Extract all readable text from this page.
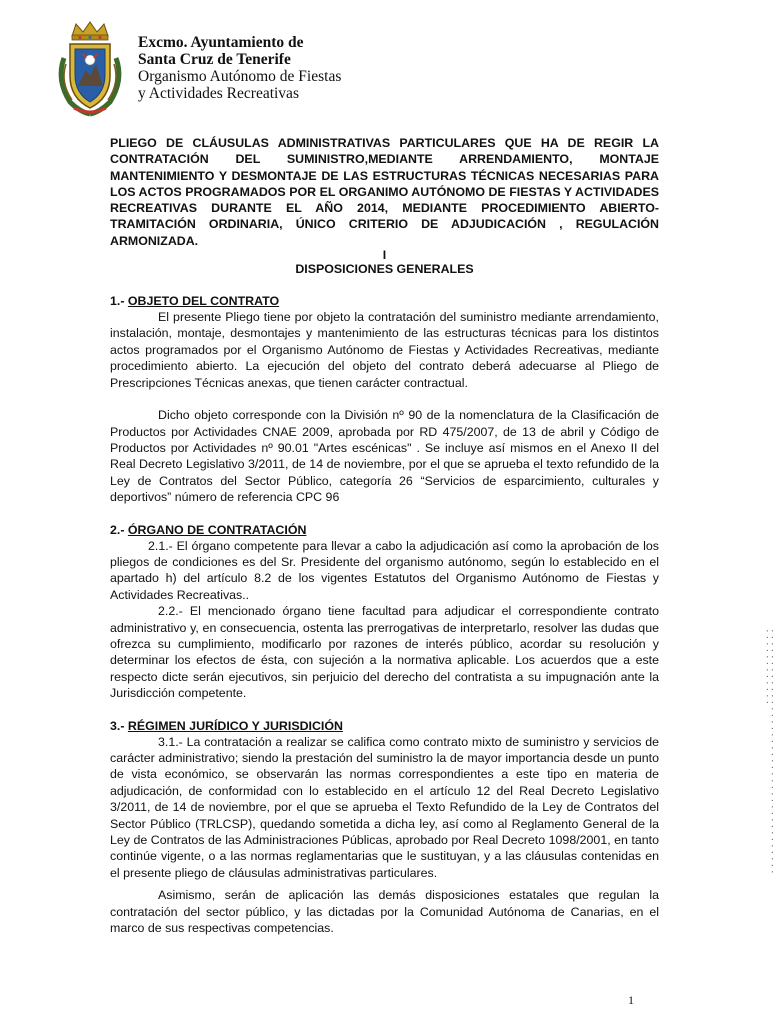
Excmo. Ayuntamiento de
Santa Cruz de Tenerife
Organismo Autónomo de Fiestas
y Actividades Recreativas

PLIEGO DE CLÁUSULAS ADMINISTRATIVAS PARTICULARES QUE HA DE REGIR LA CONTRATACIÓN DEL SUMINISTRO,MEDIANTE ARRENDAMIENTO, MONTAJE MANTENIMIENTO Y DESMONTAJE DE LAS ESTRUCTURAS TÉCNICAS NECESARIAS PARA LOS ACTOS PROGRAMADOS POR EL ORGANIMO AUTÓNOMO DE FIESTAS Y ACTIVIDADES RECREATIVAS DURANTE EL AÑO 2014, MEDIANTE PROCEDIMIENTO ABIERTO-TRAMITACIÓN ORDINARIA, ÚNICO CRITERIO DE ADJUDICACIÓN , REGULACIÓN ARMONIZADA.

I

DISPOSICIONES GENERALES

1.- OBJETO DEL CONTRATO

El presente Pliego tiene por objeto la contratación del suministro mediante arrendamiento, instalación, montaje, desmontajes y mantenimiento de las estructuras técnicas para los distintos actos programados por el Organismo Autónomo de Fiestas y Actividades Recreativas, mediante procedimiento abierto. La ejecución del objeto del contrato deberá adecuarse al Pliego de Prescripciones Técnicas anexas, que tienen carácter contractual.

Dicho objeto corresponde con la División nº 90 de la nomenclatura de la Clasificación de Productos por Actividades CNAE 2009, aprobada por RD 475/2007, de 13 de abril y Código de Productos por Actividades nº 90.01 "Artes escénicas" . Se incluye así mismos en el Anexo II del Real Decreto Legislativo 3/2011, de 14 de noviembre, por el que se aprueba el texto refundido de la Ley de Contratos del Sector Público, categoría 26 “Servicios de esparcimiento, culturales y deportivos” número de referencia CPC 96

2.- ÓRGANO DE CONTRATACIÓN

2.1.- El órgano competente para llevar a cabo la adjudicación así como la aprobación de los pliegos de condiciones es del Sr. Presidente del organismo autónomo, según lo establecido en el apartado h) del artículo 8.2 de los vigentes Estatutos del Organismo Autónomo de Fiestas y Actividades Recreativas..

2.2.- El mencionado órgano tiene facultad para adjudicar el correspondiente contrato administrativo y, en consecuencia, ostenta las prerrogativas de interpretarlo, resolver las dudas que ofrezca su cumplimiento, modificarlo por razones de interés público, acordar su resolución y determinar los efectos de ésta, con sujeción a la normativa aplicable. Los acuerdos que a este respecto dicte serán ejecutivos, sin perjuicio del derecho del contratista a su impugnación ante la Jurisdicción competente.

3.- RÉGIMEN JURÍDICO Y JURISDICIÓN

3.1.- La contratación a realizar se califica como contrato mixto de suministro y servicios de carácter administrativo; siendo la prestación del suministro la de mayor importancia desde un punto de vista económico, se observarán las normas correspondientes a este tipo en materia de adjudicación, de conformidad con lo establecido en el artículo 12 del Real Decreto Legislativo 3/2011, de 14 de noviembre, por el que se aprueba el Texto Refundido de la Ley de Contratos del Sector Público (TRLCSP), quedando sometida a dicha ley, así como al Reglamento General de la Ley de Contratos de las Administraciones Públicas, aprobado por Real Decreto 1098/2001, en tanto continúe vigente, o a las normas reglamentarias que le sustituyan, y a las cláusulas contenidas en el presente pliego de cláusulas administrativas particulares.

Asimismo, serán de aplicación las demás disposiciones estatales que regulan la contratación del sector público, y las dictadas por la Comunidad Autónoma de Canarias, en el marco de sus respectivas competencias.

1
▪ ▪ ▪ ▪ ▪ ▪ ▪ ▪ ▪ ▪ ▪ ▪ ▪ ▪ ▪ ▪ ▪ ▪ ▪ ▪ ▪ ▪ ▪ ▪ ▪ ▪ ▪ ▪ ▪ ▪ ▪ ▪ ▪ ▪ ▪ ▪ ▪ ▪ ▪ ▪ ▪ ▪ ▪ ▪ ▪ ▪ ▪ ▪ ▪ ▪
